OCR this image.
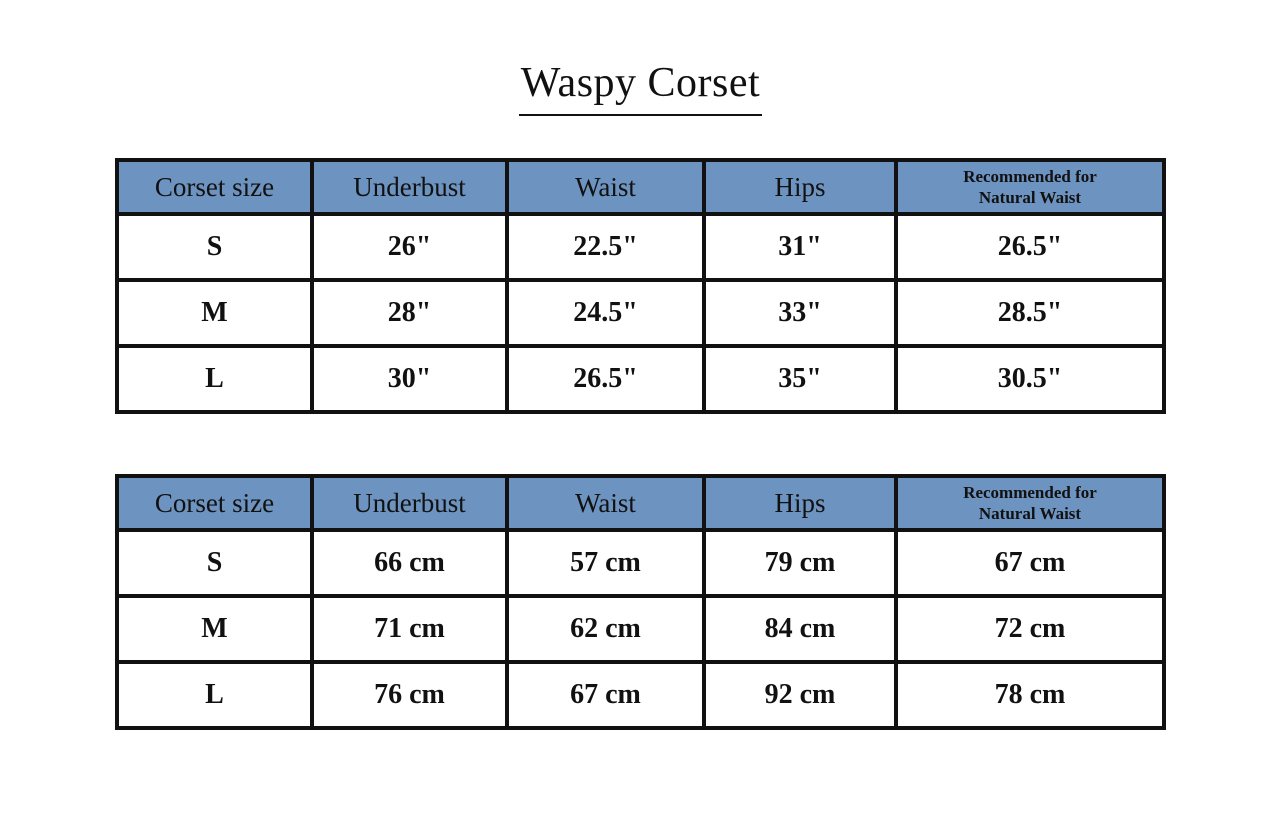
Waspy Corset
Corset size	Underbust	Waist	Hips	Recommended for
Natural Waist

S	26"	22.5"	31"	26.5"
M	28"	24.5"	33"	28.5"
L	30"	26.5"	35"	30.5"
Corset size	Underbust	Waist	Hips	Recommended for
Natural Waist

S	66 cm	57 cm	79 cm	67 cm
M	71 cm	62 cm	84 cm	72 cm
L	76 cm	67 cm	92 cm	78 cm
